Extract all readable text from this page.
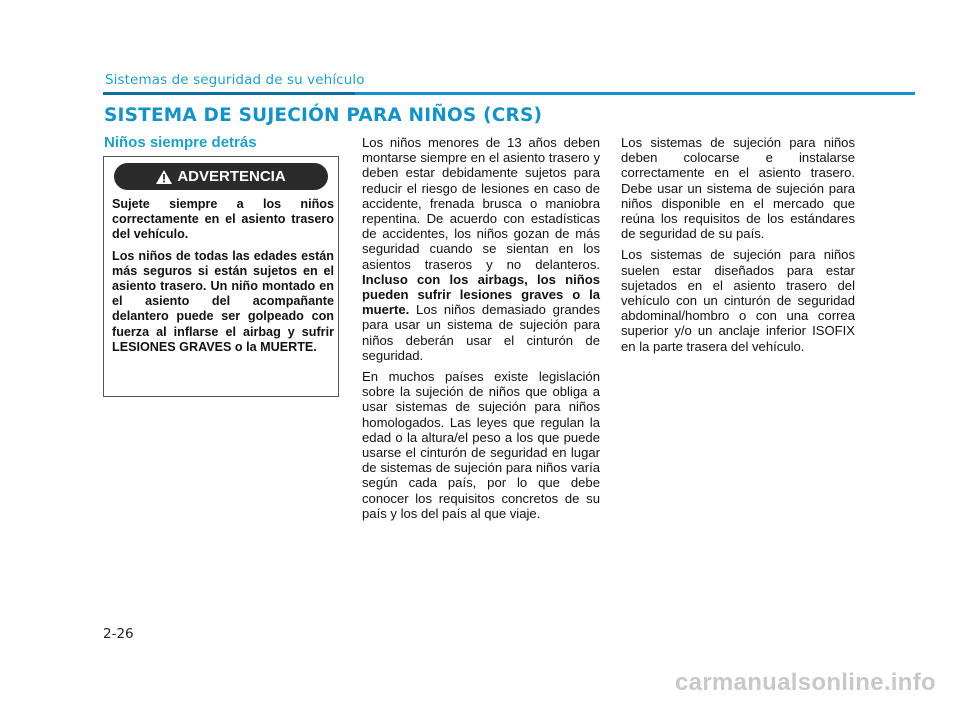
Sistemas de seguridad de su vehículo
SISTEMA DE SUJECIÓN PARA NIÑOS (CRS)
Niños siempre detrás
ADVERTENCIA

Sujete siempre a los niños correctamente en el asiento trasero del vehículo.

Los niños de todas las edades están más seguros si están sujetos en el asiento trasero. Un niño montado en el asiento del acompañante delantero puede ser golpeado con fuerza al inflarse el airbag y sufrir LESIONES GRAVES o la MUERTE.

Los niños menores de 13 años deben montarse siempre en el asiento trasero y deben estar debidamente sujetos para reducir el riesgo de lesiones en caso de accidente, frenada brusca o maniobra repentina. De acuerdo con estadísticas de accidentes, los niños gozan de más seguridad cuando se sientan en los asientos traseros y no delanteros. Incluso con los airbags, los niños pueden sufrir lesiones graves o la muerte. Los niños demasiado grandes para usar un sistema de sujeción para niños deberán usar el cinturón de seguridad.

En muchos países existe legislación sobre la sujeción de niños que obliga a usar sistemas de sujeción para niños homologados. Las leyes que regulan la edad o la altura/el peso a los que puede usarse el cinturón de seguridad en lugar de sistemas de sujeción para niños varía según cada país, por lo que debe conocer los requisitos concretos de su país y los del país al que viaje.

Los sistemas de sujeción para niños deben colocarse e instalarse correctamente en el asiento trasero. Debe usar un sistema de sujeción para niños disponible en el mercado que reúna los requisitos de los estándares de seguridad de su país.

Los sistemas de sujeción para niños suelen estar diseñados para estar sujetados en el asiento trasero del vehículo con un cinturón de seguridad abdominal/hombro o con una correa superior y/o un anclaje inferior ISOFIX en la parte trasera del vehículo.

2-26
carmanualsonline.info
